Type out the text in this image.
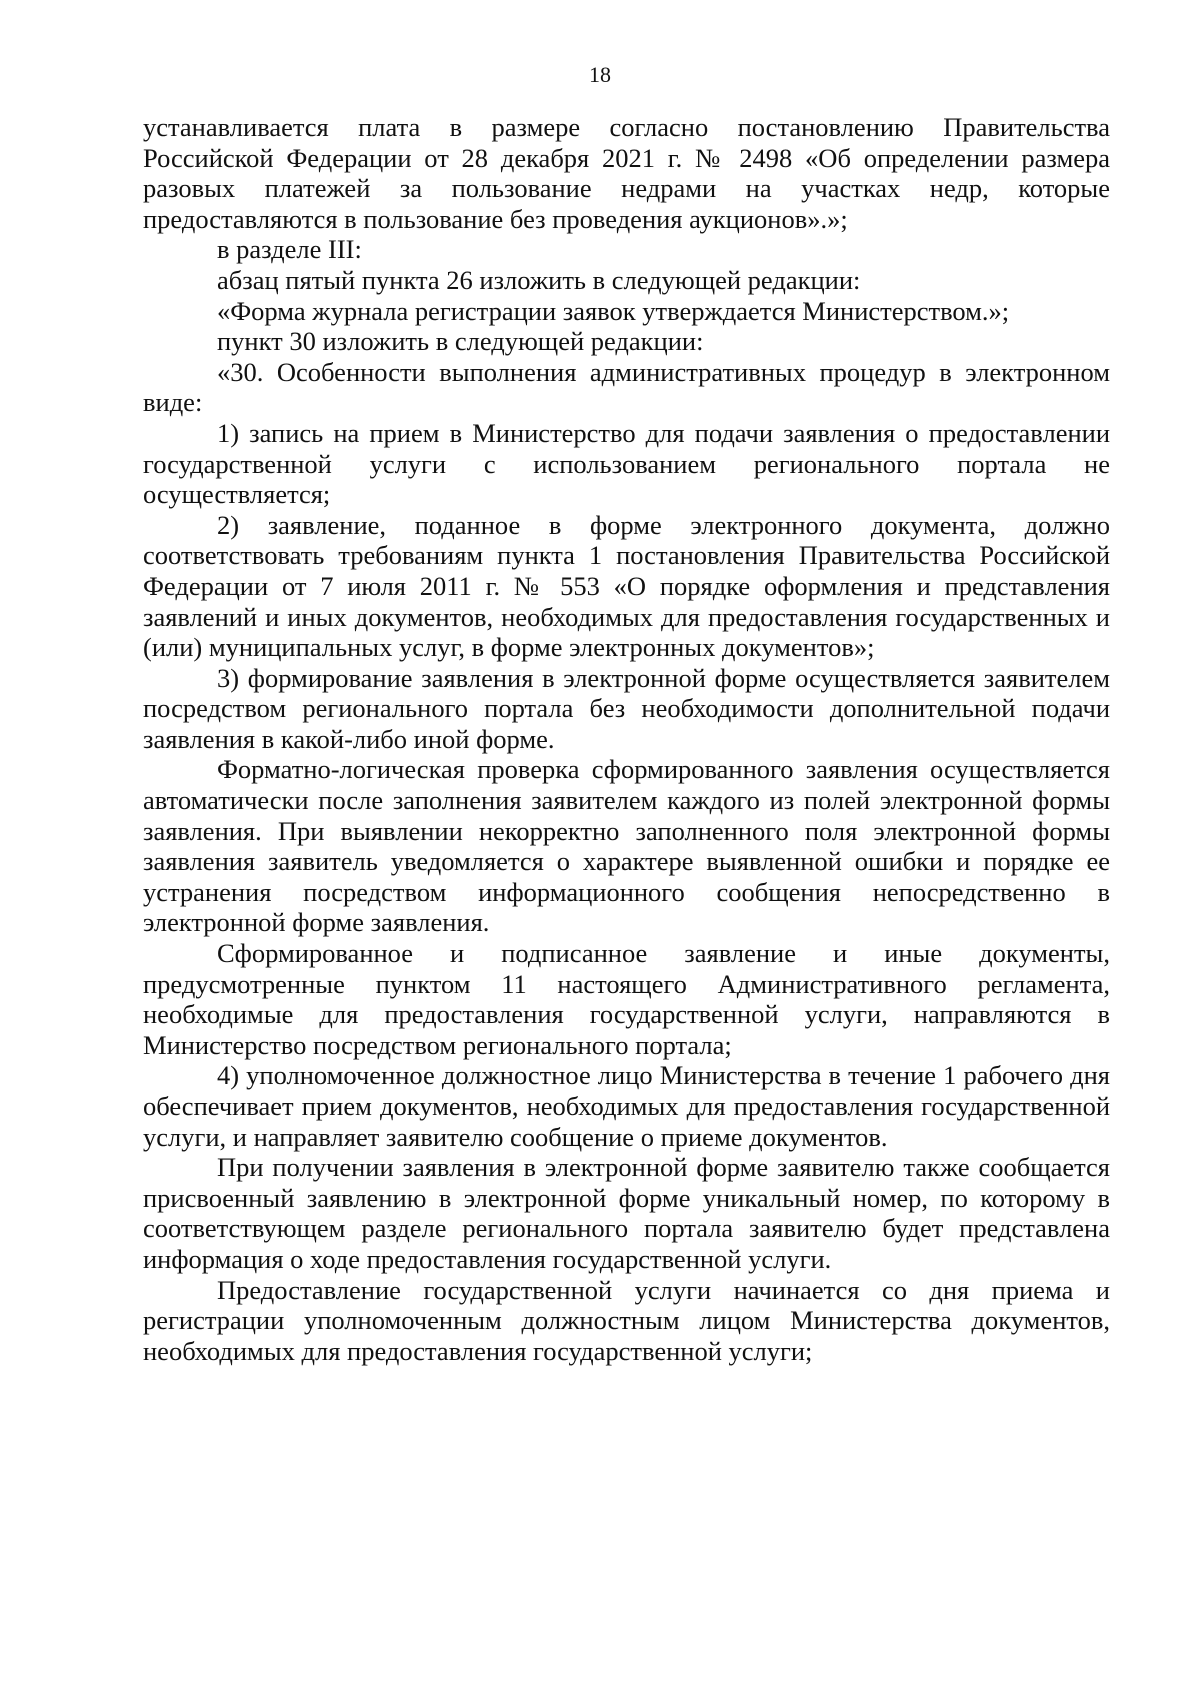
18

устанавливается плата в размере согласно постановлению Правительства Российской Федерации от 28 декабря 2021 г. № 2498 «Об определении размера разовых платежей за пользование недрами на участках недр, которые предоставляются в пользование без проведения аукционов».»;

в разделе III:

абзац пятый пункта 26 изложить в следующей редакции:

«Форма журнала регистрации заявок утверждается Министерством.»;

пункт 30 изложить в следующей редакции:

«30. Особенности выполнения административных процедур в электронном виде:

1) запись на прием в Министерство для подачи заявления о предоставлении государственной услуги с использованием регионального портала не осуществляется;

2) заявление, поданное в форме электронного документа, должно соответствовать требованиям пункта 1 постановления Правительства Российской Федерации от 7 июля 2011 г. № 553 «О порядке оформления и представления заявлений и иных документов, необходимых для предоставления государственных и (или) муниципальных услуг, в форме электронных документов»;

3) формирование заявления в электронной форме осуществляется заявителем посредством регионального портала без необходимости дополнительной подачи заявления в какой-либо иной форме.

Форматно-логическая проверка сформированного заявления осуществляется автоматически после заполнения заявителем каждого из полей электронной формы заявления. При выявлении некорректно заполненного поля электронной формы заявления заявитель уведомляется о характере выявленной ошибки и порядке ее устранения посредством информационного сообщения непосредственно в электронной форме заявления.

Сформированное и подписанное заявление и иные документы, предусмотренные пунктом 11 настоящего Административного регламента, необходимые для предоставления государственной услуги, направляются в Министерство посредством регионального портала;

4) уполномоченное должностное лицо Министерства в течение 1 рабочего дня обеспечивает прием документов, необходимых для предоставления государственной услуги, и направляет заявителю сообщение о приеме документов.

При получении заявления в электронной форме заявителю также сообщается присвоенный заявлению в электронной форме уникальный номер, по которому в соответствующем разделе регионального портала заявителю будет представлена информация о ходе предоставления государственной услуги.

Предоставление государственной услуги начинается со дня приема и регистрации уполномоченным должностным лицом Министерства документов, необходимых для предоставления государственной услуги;
